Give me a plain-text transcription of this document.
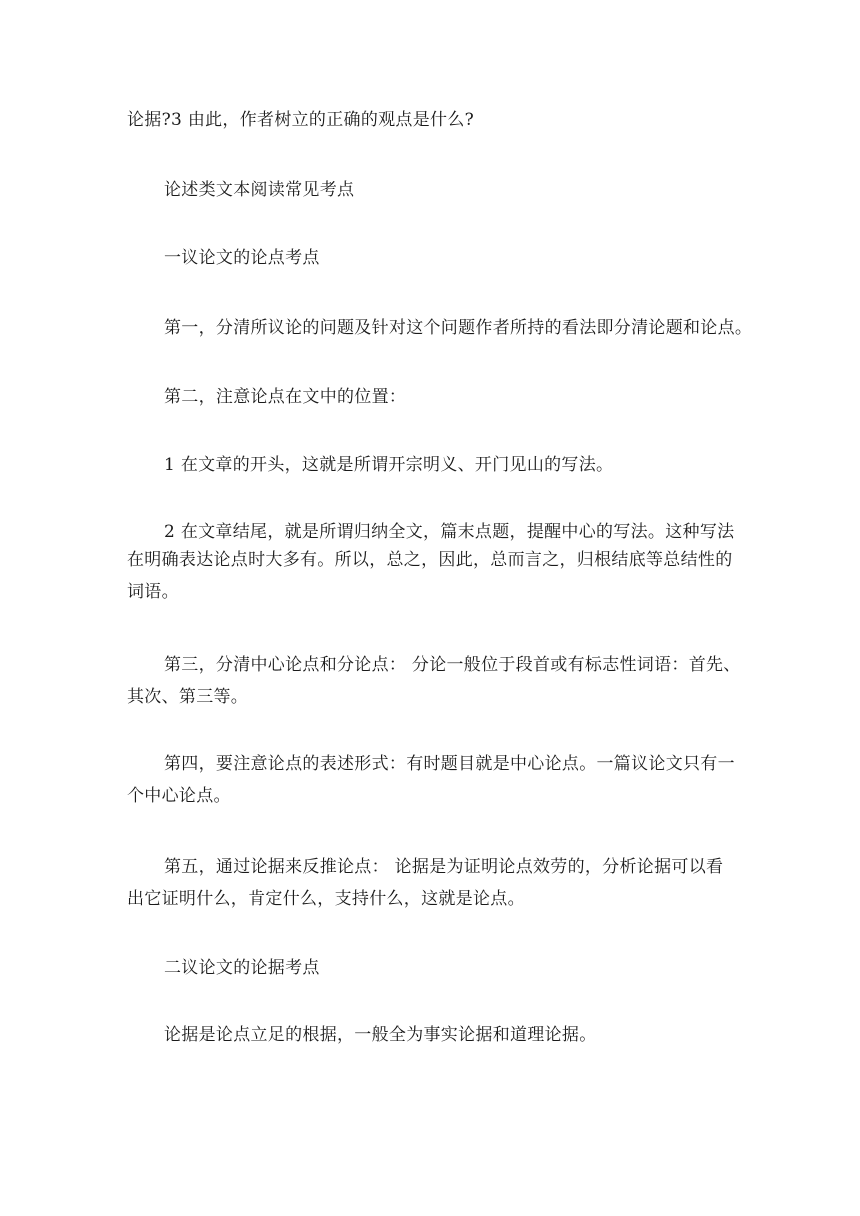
论据?3 由此，作者树立的正确的观点是什么?
论述类文本阅读常见考点
一议论文的论点考点
第一，分清所议论的问题及针对这个问题作者所持的看法即分清论题和论点。
第二，注意论点在文中的位置：
1 在文章的开头，这就是所谓开宗明义、开门见山的写法。
2 在文章结尾，就是所谓归纳全文，篇末点题，提醒中心的写法。这种写法
在明确表达论点时大多有。所以，总之，因此，总而言之，归根结底等总结性的
词语。
第三，分清中心论点和分论点： 分论一般位于段首或有标志性词语：首先、
其次、第三等。
第四，要注意论点的表述形式：有时题目就是中心论点。一篇议论文只有一
个中心论点。
第五，通过论据来反推论点： 论据是为证明论点效劳的，分析论据可以看
出它证明什么，肯定什么，支持什么，这就是论点。
二议论文的论据考点
论据是论点立足的根据，一般全为事实论据和道理论据。
